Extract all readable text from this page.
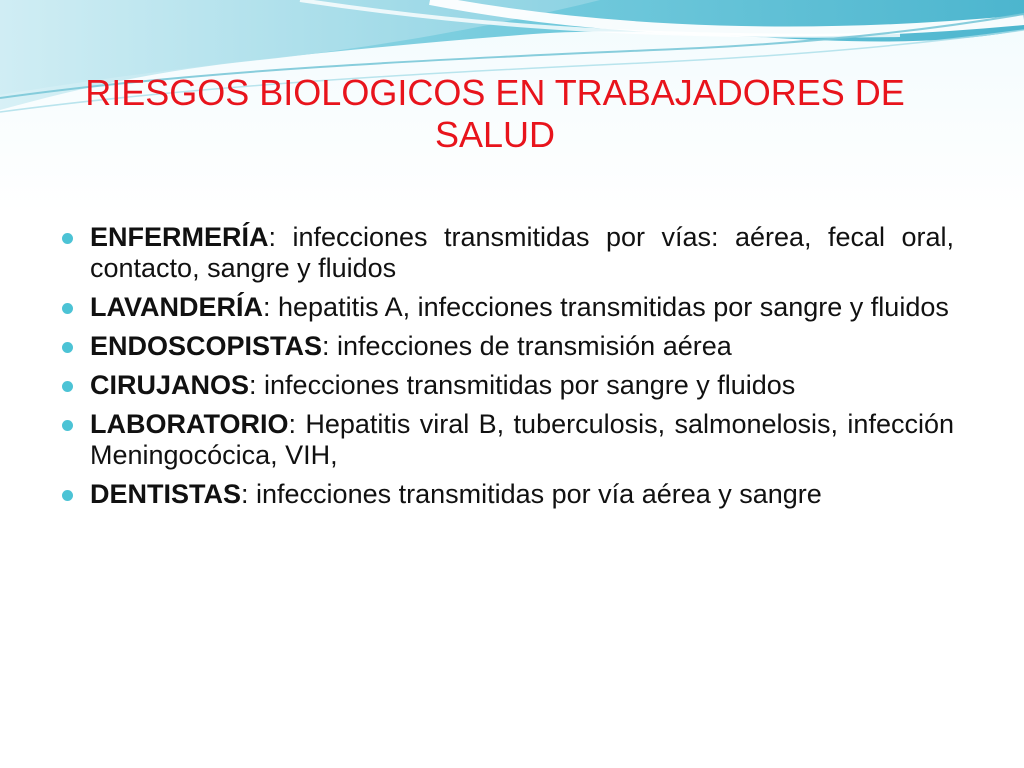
RIESGOS BIOLOGICOS EN TRABAJADORES DE SALUD
ENFERMERÍA: infecciones transmitidas por vías: aérea, fecal oral, contacto, sangre y fluidos
LAVANDERÍA: hepatitis A, infecciones transmitidas por sangre y fluidos
ENDOSCOPISTAS: infecciones de transmisión aérea
CIRUJANOS: infecciones transmitidas por sangre y fluidos
LABORATORIO: Hepatitis viral B, tuberculosis, salmonelosis, infección Meningocócica, VIH,
DENTISTAS: infecciones transmitidas por vía aérea y sangre
